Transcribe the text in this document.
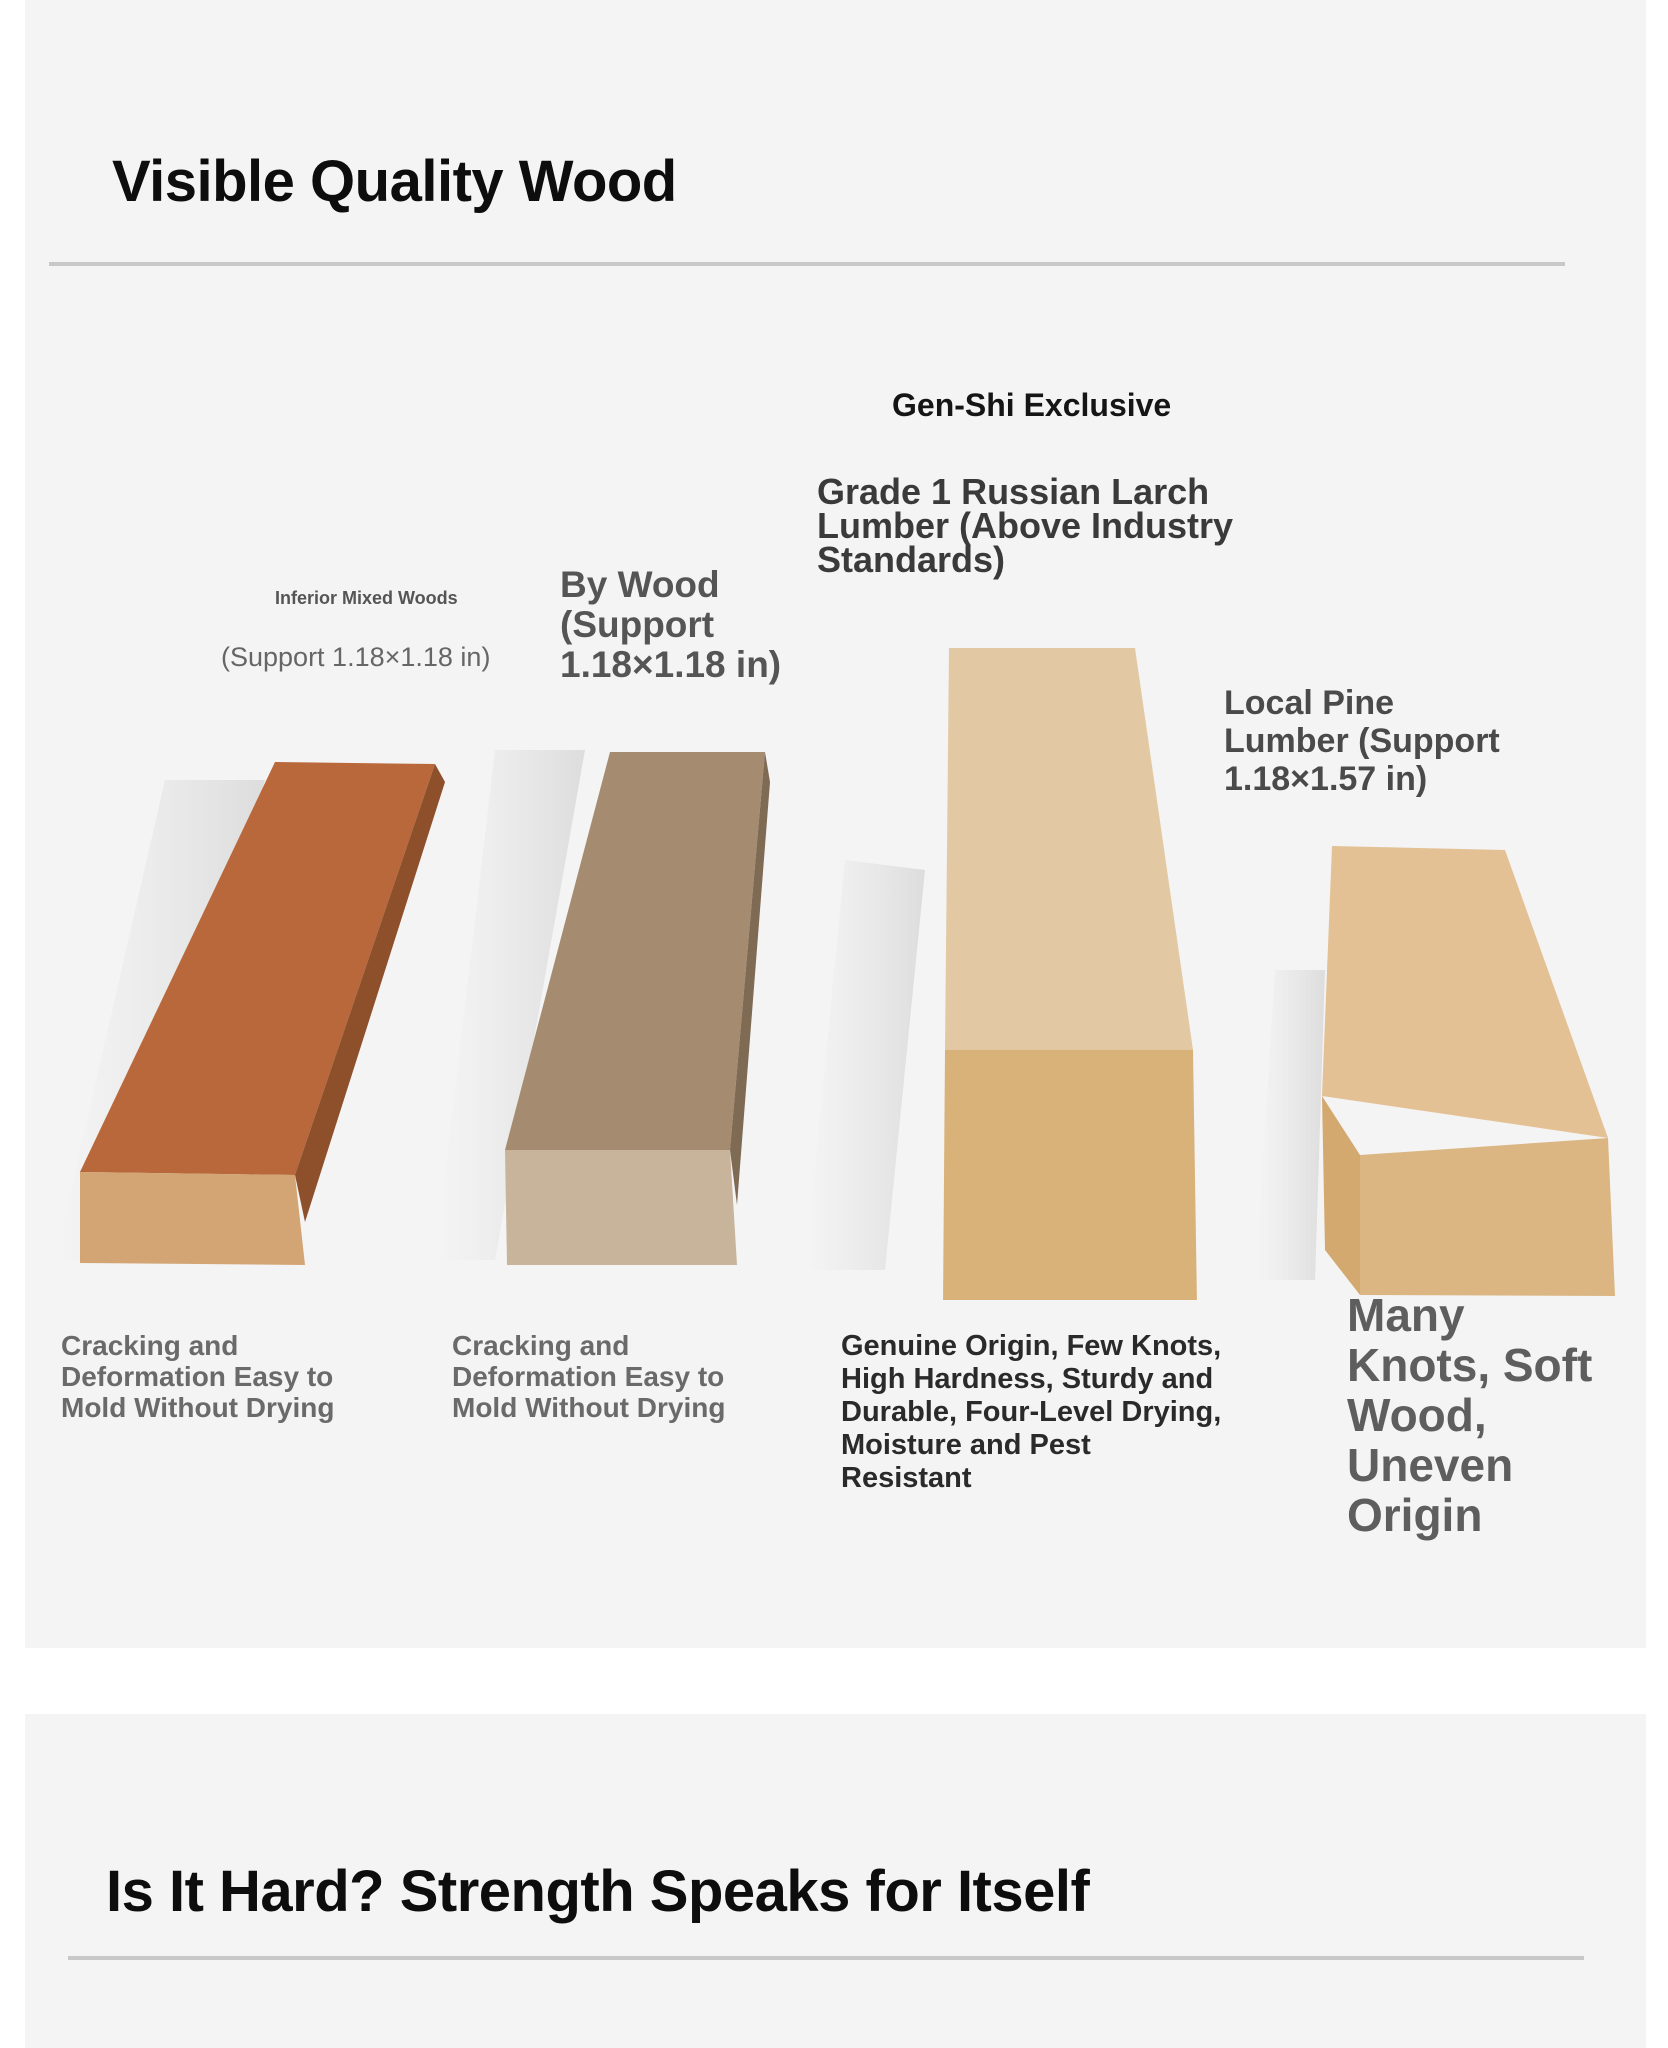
Visible Quality Wood
Inferior Mixed Woods
(Support 1.18×1.18 in)
By Wood
(Support
1.18×1.18 in)
Gen-Shi Exclusive
Grade 1 Russian Larch
Lumber (Above Industry
Standards)
Local Pine
Lumber (Support
1.18×1.57 in)
Cracking and
Deformation Easy to
Mold Without Drying
Cracking and
Deformation Easy to
Mold Without Drying
Genuine Origin, Few Knots,
High Hardness, Sturdy and
Durable, Four-Level Drying,
Moisture and Pest
Resistant
Many
Knots, Soft
Wood,
Uneven
Origin
Is It Hard? Strength Speaks for Itself
